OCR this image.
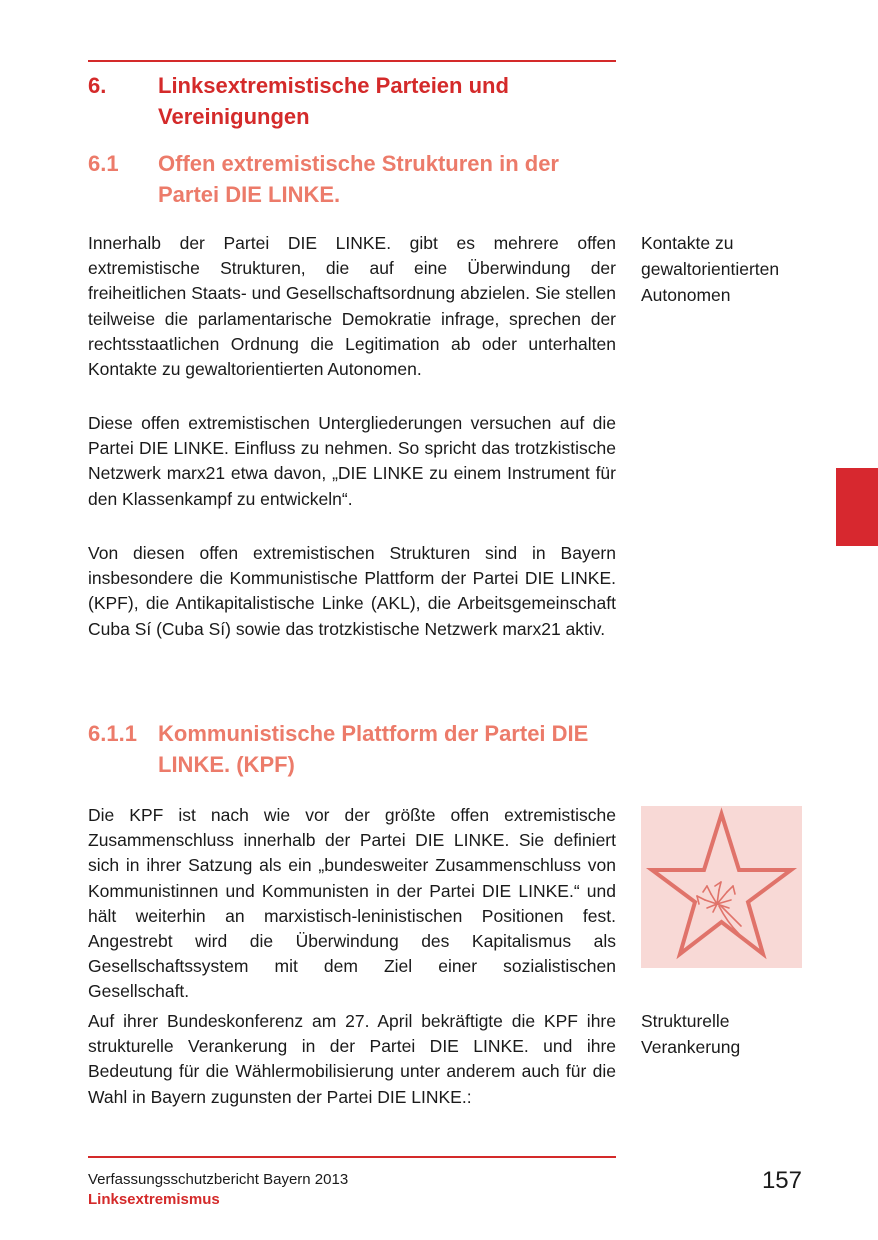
6. Linksextremistische Parteien und Vereinigungen
6.1 Offen extremistische Strukturen in der Partei DIE LINKE.

Innerhalb der Partei DIE LINKE. gibt es mehrere offen extremistische Strukturen, die auf eine Überwindung der freiheitlichen Staats- und Gesellschaftsordnung abzielen. Sie stellen teilweise die parlamentarische Demokratie infrage, sprechen der rechtsstaatlichen Ordnung die Legitimation ab oder unterhalten Kontakte zu gewaltorientierten Autonomen.

Kontakte zu
gewaltorientierten
Autonomen

Diese offen extremistischen Untergliederungen versuchen auf die Partei DIE LINKE. Einfluss zu nehmen. So spricht das trotzkistische Netzwerk marx21 etwa davon, „DIE LINKE zu einem Instrument für den Klassenkampf zu entwickeln“.

Von diesen offen extremistischen Strukturen sind in Bayern insbesondere die Kommunistische Plattform der Partei DIE LINKE. (KPF), die Antikapitalistische Linke (AKL), die Arbeitsgemeinschaft Cuba Sí (Cuba Sí) sowie das trotzkistische Netzwerk marx21 aktiv.

6.1.1 Kommunistische Plattform der Partei DIE LINKE. (KPF)

Die KPF ist nach wie vor der größte offen extremistische Zusammenschluss innerhalb der Partei DIE LINKE. Sie definiert sich in ihrer Satzung als ein „bundesweiter Zusammenschluss von Kommunistinnen und Kommunisten in der Partei DIE LINKE.“ und hält weiterhin an marxistisch-leninistischen Positionen fest. Angestrebt wird die Überwindung des Kapitalismus als Gesellschaftssystem mit dem Ziel einer sozialistischen Gesellschaft.

Auf ihrer Bundeskonferenz am 27. April bekräftigte die KPF ihre strukturelle Verankerung in der Partei DIE LINKE. und ihre Bedeutung für die Wählermobilisierung unter anderem auch für die Wahl in Bayern zugunsten der Partei DIE LINKE.:

Strukturelle
Verankerung
Verfassungsschutzbericht Bayern 2013
Linksextremismus
157
